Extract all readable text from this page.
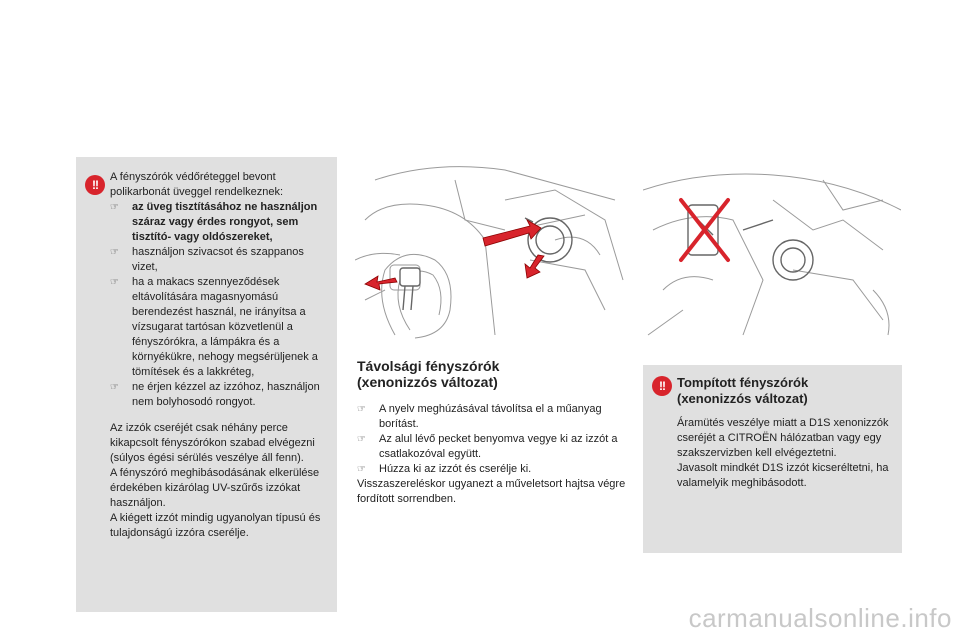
!!
A fényszórók védőréteggel bevont polikarbonát üveggel rendelkeznek:
☞ az üveg tisztításához ne használjon száraz vagy érdes rongyot, sem tisztító- vagy oldószereket,
☞ használjon szivacsot és szappanos vizet,
☞ ha a makacs szennyeződések eltávolítására magasnyomású berendezést használ, ne irányítsa a vízsugarat tartósan közvetlenül a fényszórókra, a lámpákra és a környékükre, nehogy megsérüljenek a tömítések és a lakkréteg,
☞ ne érjen kézzel az izzóhoz, használjon nem bolyhosodó rongyot.
Az izzók cseréjét csak néhány perce kikapcsolt fényszórókon szabad elvégezni (súlyos égési sérülés veszélye áll fenn).
A fényszóró meghibásodásának elkerülése érdekében kizárólag UV-szűrős izzókat használjon.
A kiégett izzót mindig ugyanolyan típusú és tulajdonságú izzóra cserélje.
Távolsági fényszórók
(xenonizzós változat)
☞ A nyelv meghúzásával távolítsa el a műanyag borítást.
☞ Az alul lévő pecket benyomva vegye ki az izzót a csatlakozóval együtt.
☞ Húzza ki az izzót és cserélje ki.
Visszaszereléskor ugyanezt a műveletsort hajtsa végre fordított sorrendben.
!! Tompított fényszórók
(xenonizzós változat)
Áramütés veszélye miatt a D1S xenonizzók cseréjét a CITROËN hálózatban vagy egy szakszervizben kell elvégeztetni.
Javasolt mindkét D1S izzót kicseréltetni, ha valamelyik meghibásodott.
carmanualsonline.info
